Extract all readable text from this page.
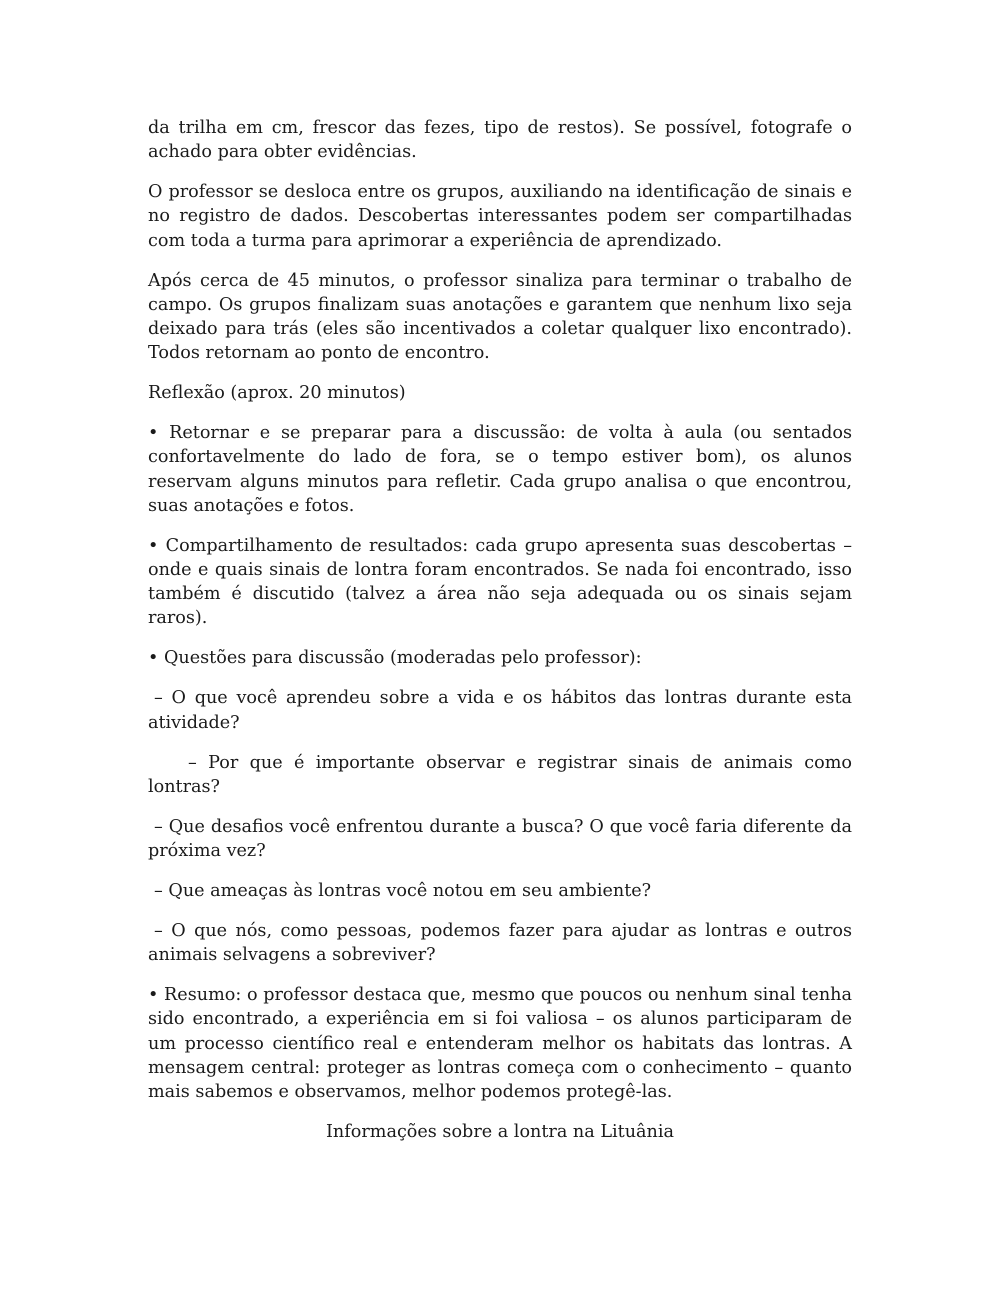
da trilha em cm, frescor das fezes, tipo de restos). Se possível, fotografe o achado para obter evidências.

O professor se desloca entre os grupos, auxiliando na identificação de sinais e no registro de dados. Descobertas interessantes podem ser compartilhadas com toda a turma para aprimorar a experiência de aprendizado.

Após cerca de 45 minutos, o professor sinaliza para terminar o trabalho de campo. Os grupos finalizam suas anotações e garantem que nenhum lixo seja deixado para trás (eles são incentivados a coletar qualquer lixo encontrado). Todos retornam ao ponto de encontro.

Reflexão (aprox. 20 minutos)

• Retornar e se preparar para a discussão: de volta à aula (ou sentados confortavelmente do lado de fora, se o tempo estiver bom), os alunos reservam alguns minutos para refletir. Cada grupo analisa o que encontrou, suas anotações e fotos.

• Compartilhamento de resultados: cada grupo apresenta suas descobertas – onde e quais sinais de lontra foram encontrados. Se nada foi encontrado, isso também é discutido (talvez a área não seja adequada ou os sinais sejam raros).

• Questões para discussão (moderadas pelo professor):

– O que você aprendeu sobre a vida e os hábitos das lontras durante esta atividade?

– Por que é importante observar e registrar sinais de animais como lontras?

– Que desafios você enfrentou durante a busca? O que você faria diferente da próxima vez?

– Que ameaças às lontras você notou em seu ambiente?

– O que nós, como pessoas, podemos fazer para ajudar as lontras e outros animais selvagens a sobreviver?

• Resumo: o professor destaca que, mesmo que poucos ou nenhum sinal tenha sido encontrado, a experiência em si foi valiosa – os alunos participaram de um processo científico real e entenderam melhor os habitats das lontras. A mensagem central: proteger as lontras começa com o conhecimento – quanto mais sabemos e observamos, melhor podemos protegê-las.

Informações sobre a lontra na Lituânia
